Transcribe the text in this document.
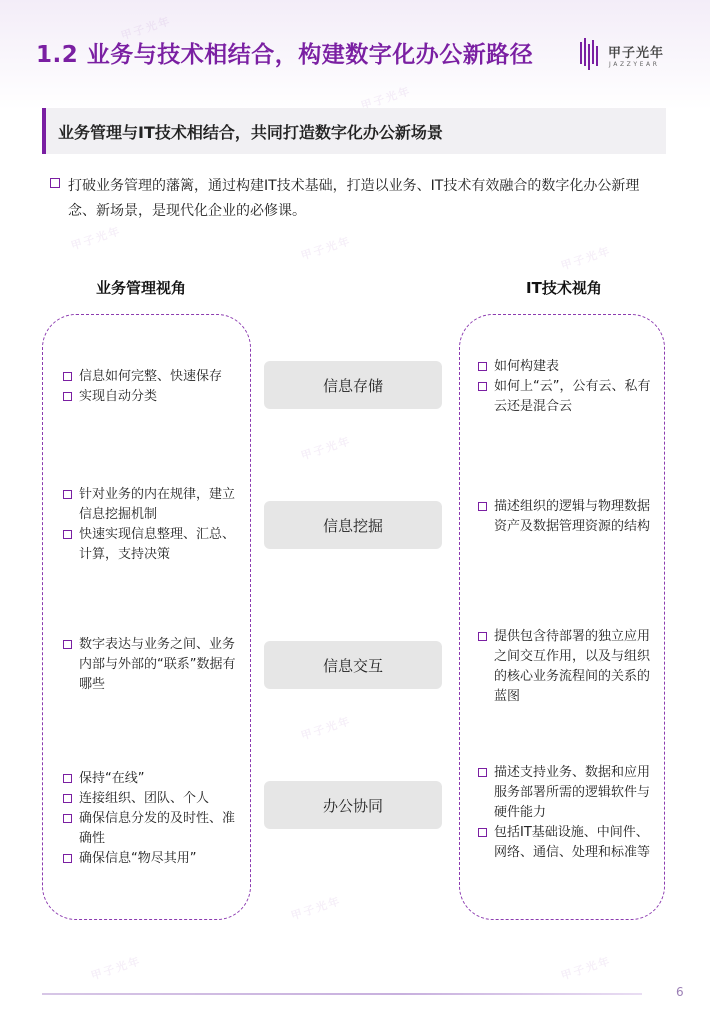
甲子光年	甲子光年	甲子光年
甲子光年
甲子光年
甲子光年
甲子光年	甲子光年
1.2 业务与技术相结合，构建数字化办公新路径	甲子光年
JAZZYEAR
业务管理与IT技术相结合，共同打造数字化办公新场景

打破业务管理的藩篱，通过构建IT技术基础，打造以业务、IT技术有效融合的数字化办公新理念、新场景，是现代化企业的必修课。

业务管理视角	IT技术视角
信息如何完整、快速保存
实现自动分类
针对业务的内在规律，建立信息挖掘机制
快速实现信息整理、汇总、计算，支持决策
数字表达与业务之间、业务内部与外部的“联系”数据有哪些
保持“在线”
连接组织、团队、个人
确保信息分发的及时性、准确性
确保信息“物尽其用”
信息存储
信息挖掘
信息交互
办公协同
如何构建表
如何上“云”，公有云、私有云还是混合云
描述组织的逻辑与物理数据资产及数据管理资源的结构
提供包含待部署的独立应用之间交互作用，以及与组织的核心业务流程间的关系的蓝图
描述支持业务、数据和应用服务部署所需的逻辑软件与硬件能力
包括IT基础设施、中间件、网络、通信、处理和标准等
6
